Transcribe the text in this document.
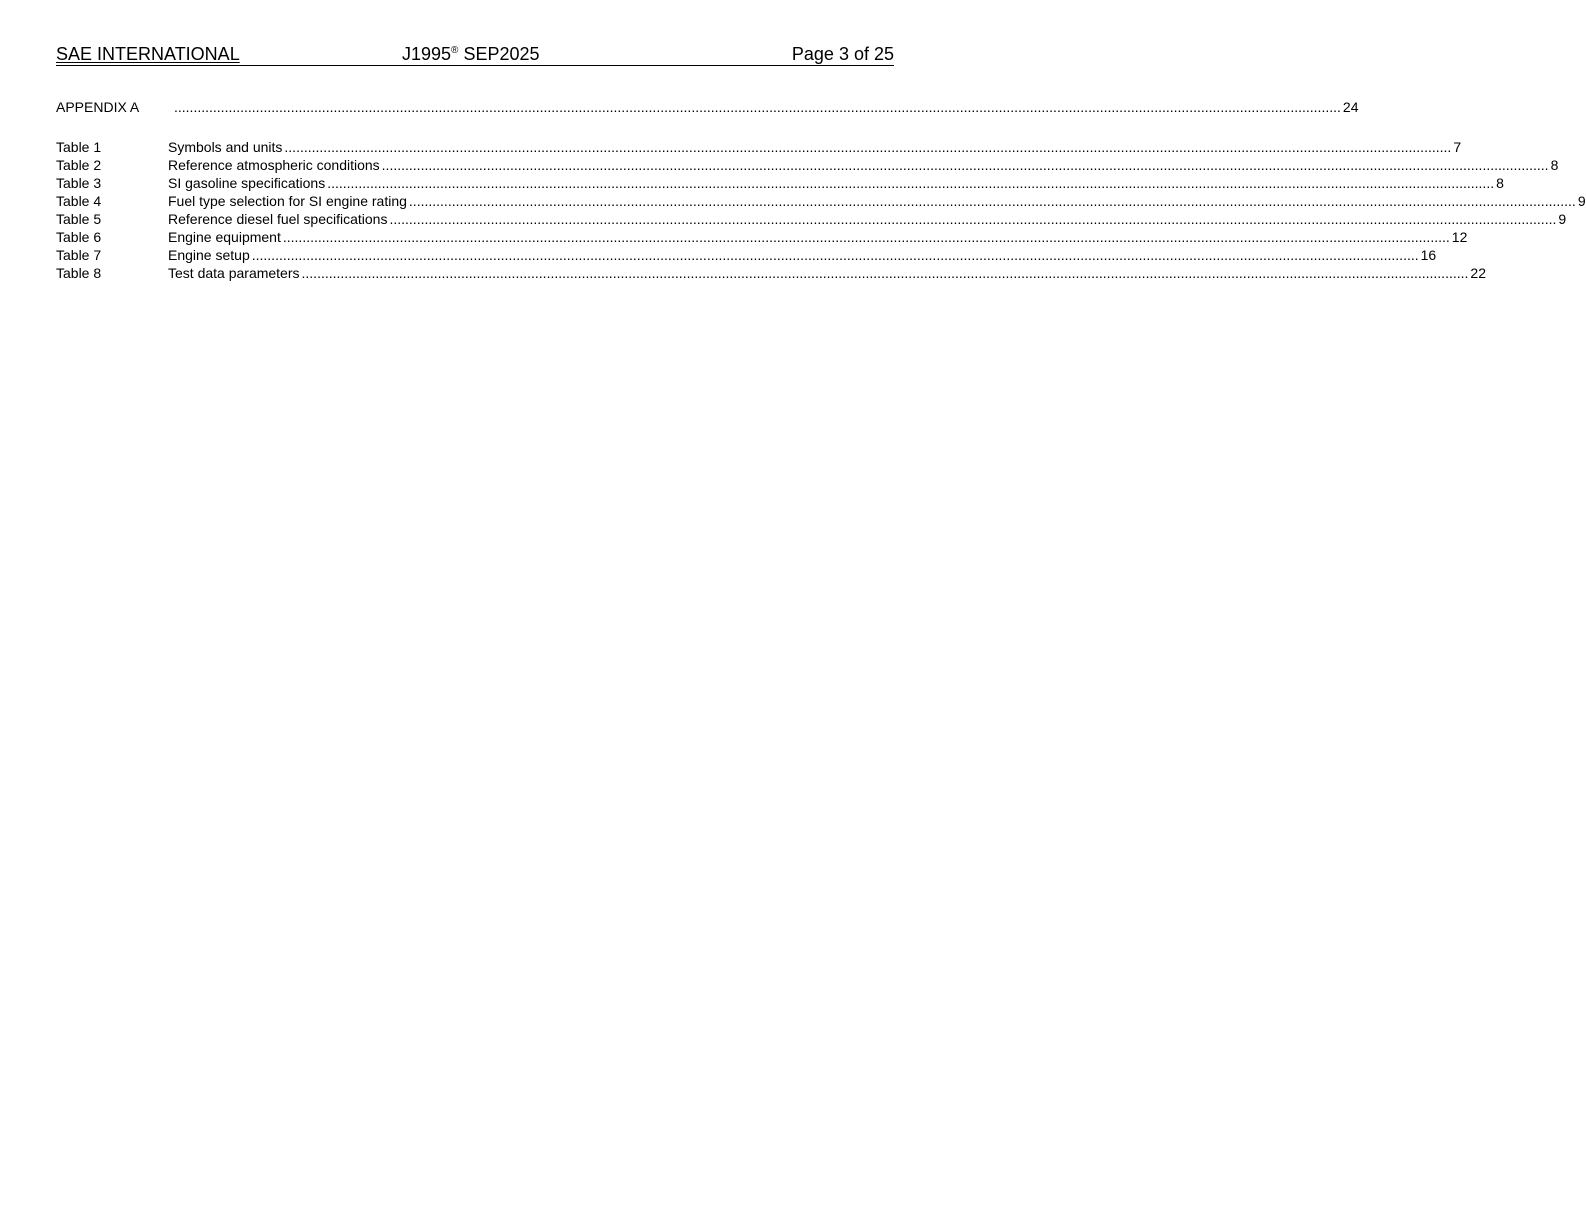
SAE INTERNATIONAL	J1995® SEP2025	Page 3 of 25
APPENDIX A	............................................................................................................................................................................................................................................................................................................ 24
Table 1	Symbols and units ............................................................................................................................................................................................................................................................................................................ 7
Table 2	Reference atmospheric conditions ............................................................................................................................................................................................................................................................................................................ 8
Table 3	SI gasoline specifications ............................................................................................................................................................................................................................................................................................................ 8
Table 4	Fuel type selection for SI engine rating ............................................................................................................................................................................................................................................................................................................ 9
Table 5	Reference diesel fuel specifications ............................................................................................................................................................................................................................................................................................................ 9
Table 6	Engine equipment ............................................................................................................................................................................................................................................................................................................ 12
Table 7	Engine setup ............................................................................................................................................................................................................................................................................................................ 16
Table 8	Test data parameters ............................................................................................................................................................................................................................................................................................................ 22
